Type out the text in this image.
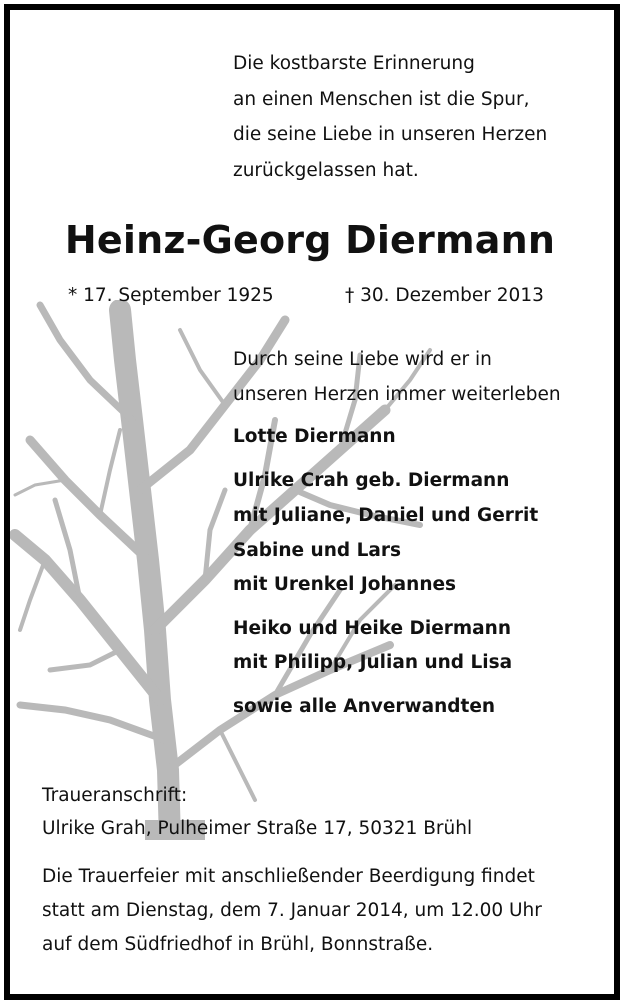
Die kostbarste Erinnerung
an einen Menschen ist die Spur,
die seine Liebe in unseren Herzen
zurückgelassen hat.
Heinz-Georg Diermann
* 17. September 1925	† 30. Dezember 2013
Durch seine Liebe wird er in
unseren Herzen immer weiterleben
Lotte Diermann
Ulrike Crah geb. Diermann
mit Juliane, Daniel und Gerrit
Sabine und Lars
mit Urenkel Johannes
Heiko und Heike Diermann
mit Philipp, Julian und Lisa
sowie alle Anverwandten
Traueranschrift:
Ulrike Grah, Pulheimer Straße 17, 50321 Brühl
Die Trauerfeier mit anschließender Beerdigung findet
statt am Dienstag, dem 7. Januar 2014, um 12.00 Uhr
auf dem Südfriedhof in Brühl, Bonnstraße.
